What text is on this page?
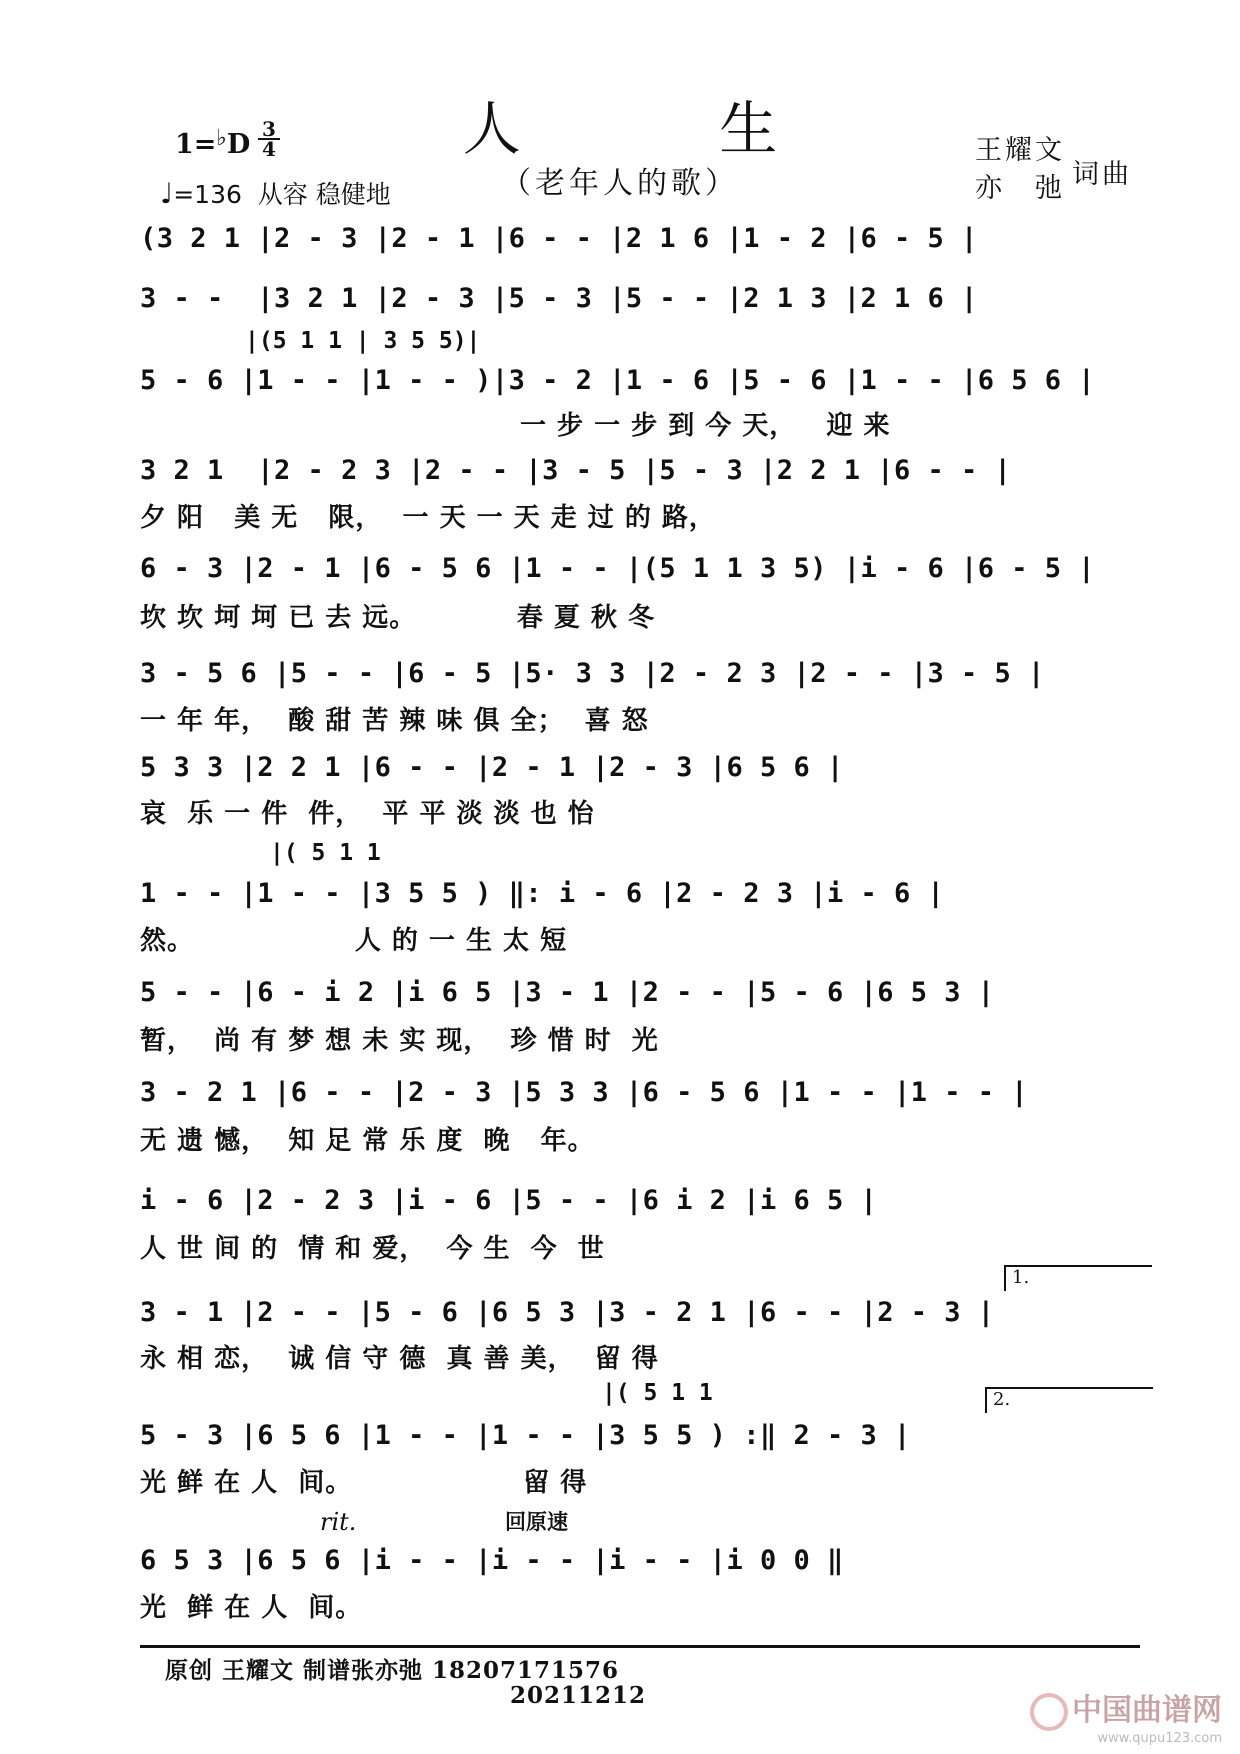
人 生
（老年人的歌）
1=♭D 3
4
♩=136 从容 稳健地
王耀文
亦　弛 词曲
(3 2 1 |2 - 3 |2 - 1 |6 - - |2 1 6 |1 - 2 |6 - 5 |
3 - -  |3 2 1 |2 - 3 |5 - 3 |5 - - |2 1 3 |2 1 6 |
|(5 1 1 | 3 5 5)|
5 - 6 |1 - - |1 - - )|3 - 2 |1 - 6 |5 - 6 |1 - - |6 5 6 |
一 步 一 步 到 今 天，   迎 来
3 2 1  |2 - 2 3 |2 - - |3 - 5 |5 - 3 |2 2 1 |6 - - |
夕 阳   美 无   限，  一 天 一 天 走 过 的 路，
6 - 3 |2 - 1 |6 - 5 6 |1 - - |(5 1 1 3 5) |i - 6 |6 - 5 |
坎 坎 坷 坷 已 去 远。          春 夏 秋 冬
3 - 5 6 |5 - - |6 - 5 |5· 3 3 |2 - 2 3 |2 - - |3 - 5 |
一 年 年，  酸 甜 苦 辣 味 俱 全；  喜 怒
5 3 3 |2 2 1 |6 - - |2 - 1 |2 - 3 |6 5 6 |
哀  乐 一 件  件，  平 平 淡 淡 也 怡
|( 5 1 1
1 - - |1 - - |3 5 5 ) ‖: i - 6 |2 - 2 3 |i - 6 |
然。                人 的 一 生 太 短
5 - - |6 - i 2 |i 6 5 |3 - 1 |2 - - |5 - 6 |6 5 3 |
暂，  尚 有 梦 想 未 实 现，  珍 惜 时  光
3 - 2 1 |6 - - |2 - 3 |5 3 3 |6 - 5 6 |1 - - |1 - - |
无 遗 憾，  知 足 常 乐 度  晚   年。
i - 6 |2 - 2 3 |i - 6 |5 - - |6 i 2 |i 6 5 |
人 世 间 的  情 和 爱，  今 生  今  世
1.
3 - 1 |2 - - |5 - 6 |6 5 3 |3 - 2 1 |6 - - |2 - 3 |
永 相 恋，  诚 信 守 德  真 善 美，  留 得
|( 5 1 1	2.
5 - 3 |6 5 6 |1 - - |1 - - |3 5 5 ) :‖ 2 - 3 |
光 鲜 在 人  间。                 留 得
rit.	回原速
6 5 3 |6 5 6 |i - - |i - - |i - - |i 0 0 ‖
光  鲜 在 人  间。
原创 王耀文 制谱张亦弛 18207171576
20211212	中国曲谱网
www.qupu123.com
